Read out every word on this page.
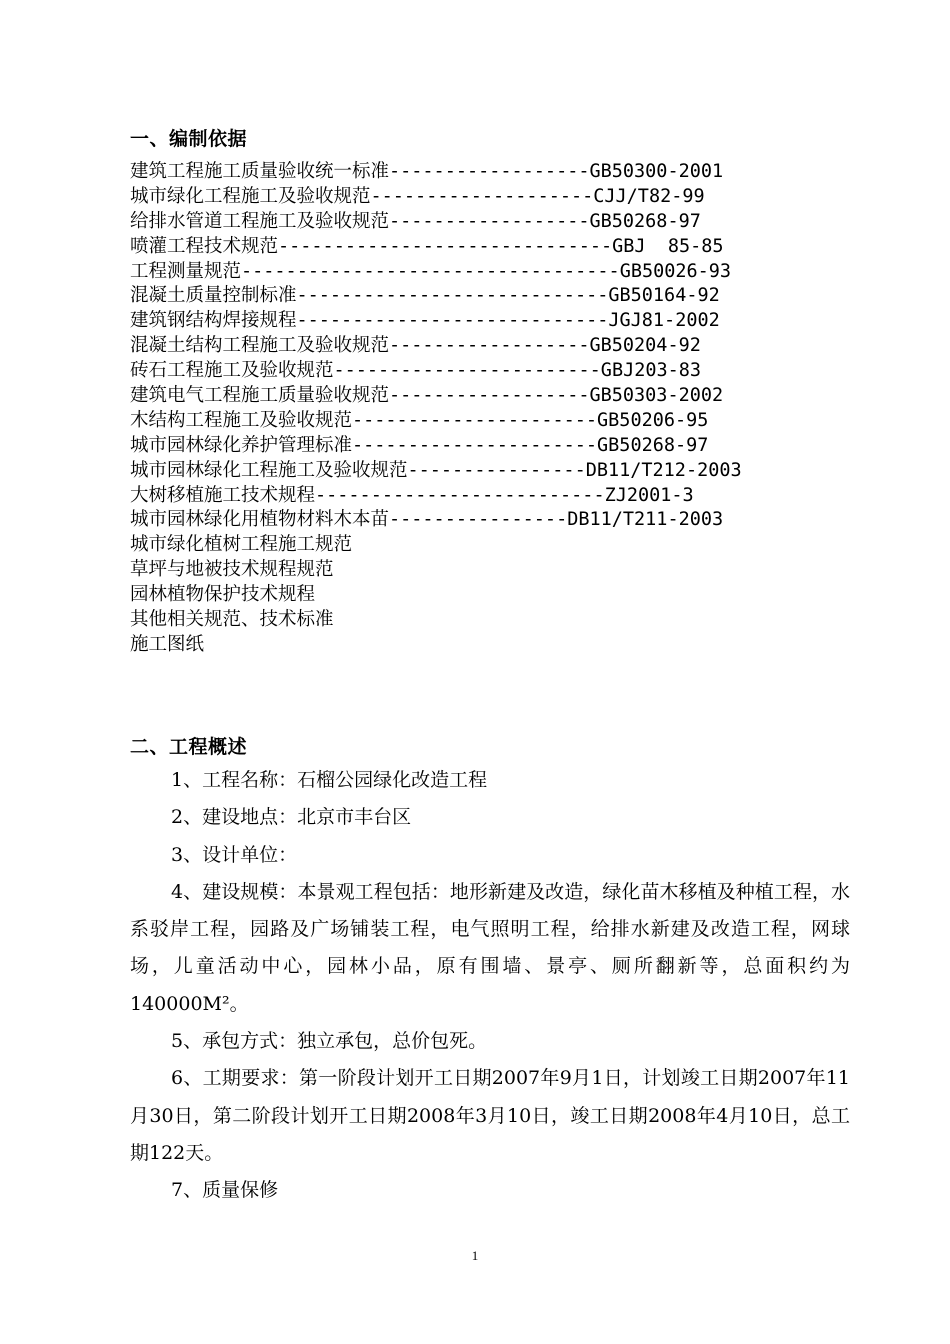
一、编制依据
建筑工程施工质量验收统一标准------------------GB50300-2001
城市绿化工程施工及验收规范--------------------CJJ/T82-99
给排水管道工程施工及验收规范------------------GB50268-97
喷灌工程技术规范------------------------------GBJ  85-85
工程测量规范----------------------------------GB50026-93
混凝土质量控制标准----------------------------GB50164-92
建筑钢结构焊接规程----------------------------JGJ81-2002
混凝土结构工程施工及验收规范------------------GB50204-92
砖石工程施工及验收规范------------------------GBJ203-83
建筑电气工程施工质量验收规范------------------GB50303-2002
木结构工程施工及验收规范----------------------GB50206-95
城市园林绿化养护管理标准----------------------GB50268-97
城市园林绿化工程施工及验收规范----------------DB11/T212-2003
大树移植施工技术规程--------------------------ZJ2001-3
城市园林绿化用植物材料木本苗----------------DB11/T211-2003
城市绿化植树工程施工规范
草坪与地被技术规程规范
园林植物保护技术规程
其他相关规范、技术标准
施工图纸
二、工程概述

1、工程名称：石榴公园绿化改造工程

2、建设地点：北京市丰台区

3、设计单位：

4、建设规模：本景观工程包括：地形新建及改造，绿化苗木移植及种植工程，水系驳岸工程，园路及广场铺装工程，电气照明工程，给排水新建及改造工程，网球场，儿童活动中心，园林小品，原有围墙、景亭、厕所翻新等，总面积约为140000M²。

5、承包方式：独立承包，总价包死。

6、工期要求：第一阶段计划开工日期2007年9月1日，计划竣工日期2007年11月30日，第二阶段计划开工日期2008年3月10日，竣工日期2008年4月10日，总工期122天。

7、质量保修

1
